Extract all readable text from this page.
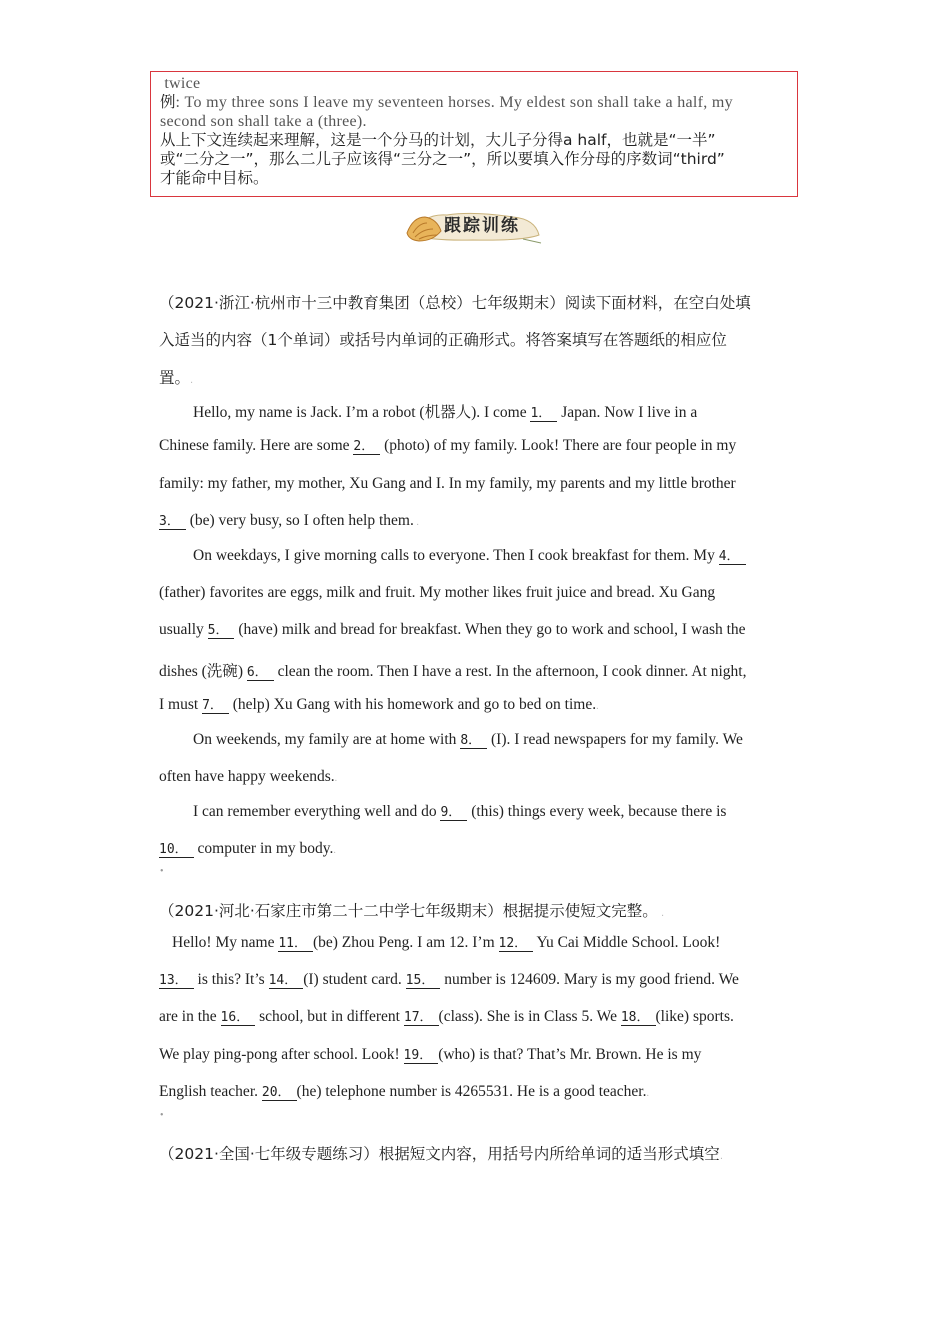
twice
例: To my three sons I leave my seventeen horses. My eldest son shall take a half, my
second son shall take a (three).
从上下文连续起来理解，这是一个分马的计划，大儿子分得a half，也就是“一半”
或“二分之一”，那么二儿子应该得“三分之一”，所以要填入作分母的序数词“third”
才能命中目标。
跟踪训练
（2021·浙江·杭州市十三中教育集团（总校）七年级期末）阅读下面材料，在空白处填
入适当的内容（1个单词）或括号内单词的正确形式。将答案填写在答题纸的相应位
置。.
Hello, my name is Jack. I’m a robot (机器人). I come 1． Japan. Now I live in a
Chinese family. Here are some 2． (photo) of my family. Look! There are four people in my
family: my father, my mother, Xu Gang and I. In my family, my parents and my little brother
3． (be) very busy, so I often help them. .
On weekdays, I give morning calls to everyone. Then I cook breakfast for them. My 4．
(father) favorites are eggs, milk and fruit. My mother likes fruit juice and bread. Xu Gang
usually 5． (have) milk and bread for breakfast. When they go to work and school, I wash the
dishes (洗碗) 6． clean the room. Then I have a rest. In the afternoon, I cook dinner. At night,
I must 7． (help) Xu Gang with his homework and go to bed on time..
On weekends, my family are at home with 8． (I). I read newspapers for my family. We
often have happy weekends..
I can remember everything well and do 9． (this) things every week, because there is
10． computer in my body..
•
（2021·河北·石家庄市第二十二中学七年级期末）根据提示使短文完整。 .
Hello! My name 11． (be) Zhou Peng. I am 12. I’m 12． Yu Cai Middle School. Look!
13． is this? It’s 14． (I) student card. 15． number is 124609. Mary is my good friend. We
are in the 16． school, but in different 17． (class). She is in Class 5. We 18． (like) sports.
We play ping-pong after school. Look! 19． (who) is that? That’s Mr. Brown. He is my
English teacher. 20． (he) telephone number is 4265531. He is a good teacher..
•
（2021·全国·七年级专题练习）根据短文内容，用括号内所给单词的适当形式填空.
